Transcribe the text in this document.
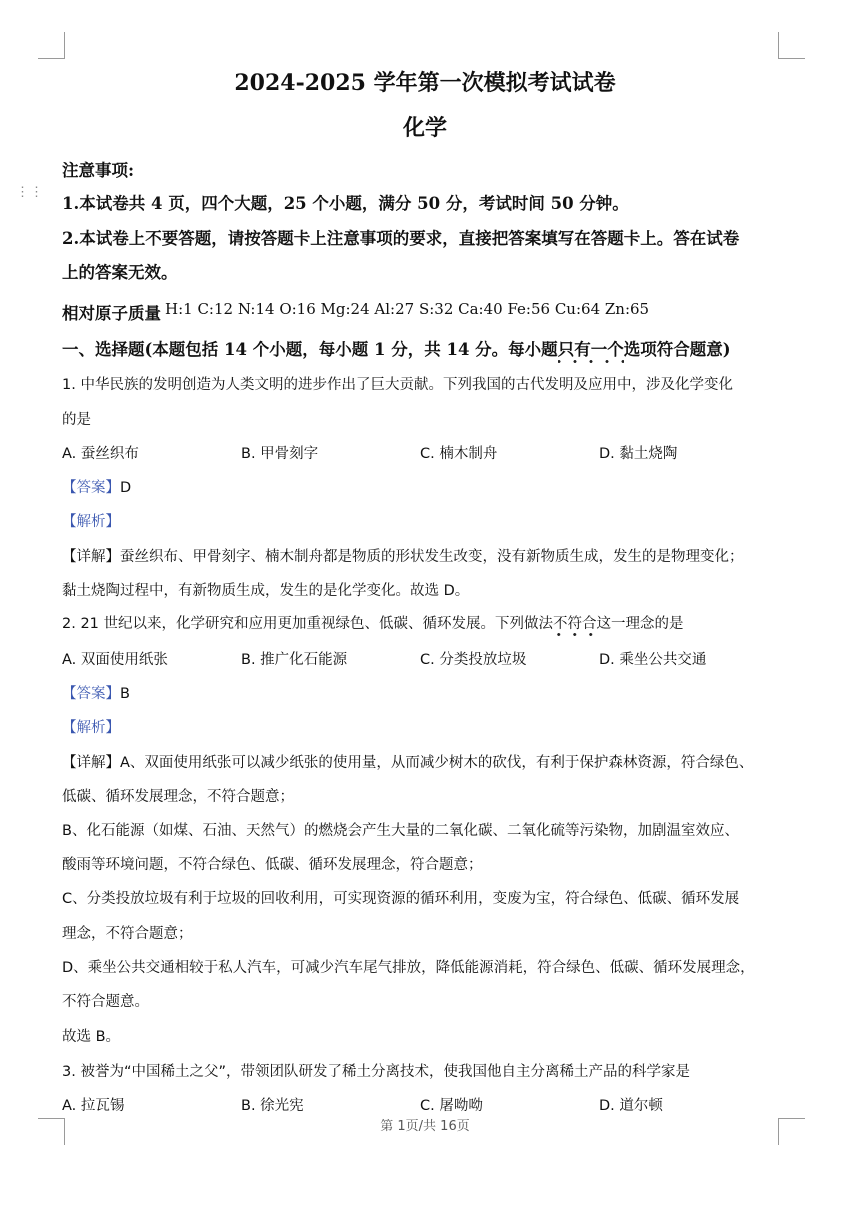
⋮⋮
2024-2025 学年第一次模拟考试试卷
化学
注意事项:
1.本试卷共 4 页，四个大题，25 个小题，满分 50 分，考试时间 50 分钟。
2.本试卷上不要答题，请按答题卡上注意事项的要求，直接把答案填写在答题卡上。答在试卷
上的答案无效。
相对原子质量 H:1 C:12 N:14 O:16 Mg:24 Al:27 S:32 Ca:40 Fe:56 Cu:64 Zn:65
一、选择题(本题包括 14 个小题，每小题 1 分，共 14 分。每小题只有一个选项符合题意)
1. 中华民族的发明创造为人类文明的进步作出了巨大贡献。下列我国的古代发明及应用中，涉及化学变化
的是
A. 蚕丝织布	B. 甲骨刻字	C. 楠木制舟	D. 黏土烧陶
【答案】D
【解析】
【详解】蚕丝织布、甲骨刻字、楠木制舟都是物质的形状发生改变，没有新物质生成，发生的是物理变化；
黏土烧陶过程中，有新物质生成，发生的是化学变化。故选 D。
2. 21 世纪以来，化学研究和应用更加重视绿色、低碳、循环发展。下列做法不符合这一理念的是
A. 双面使用纸张	B. 推广化石能源	C. 分类投放垃圾	D. 乘坐公共交通
【答案】B
【解析】
【详解】A、双面使用纸张可以减少纸张的使用量，从而减少树木的砍伐，有利于保护森林资源，符合绿色、
低碳、循环发展理念，不符合题意；
B、化石能源（如煤、石油、天然气）的燃烧会产生大量的二氧化碳、二氧化硫等污染物，加剧温室效应、
酸雨等环境问题，不符合绿色、低碳、循环发展理念，符合题意；
C、分类投放垃圾有利于垃圾的回收利用，可实现资源的循环利用，变废为宝，符合绿色、低碳、循环发展
理念，不符合题意；
D、乘坐公共交通相较于私人汽车，可减少汽车尾气排放，降低能源消耗，符合绿色、低碳、循环发展理念，
不符合题意。
故选 B。
3. 被誉为“中国稀土之父”，带领团队研发了稀土分离技术，使我国他自主分离稀土产品的科学家是
A. 拉瓦锡	B. 徐光宪	C. 屠呦呦	D. 道尔顿
第 1页/共 16页
